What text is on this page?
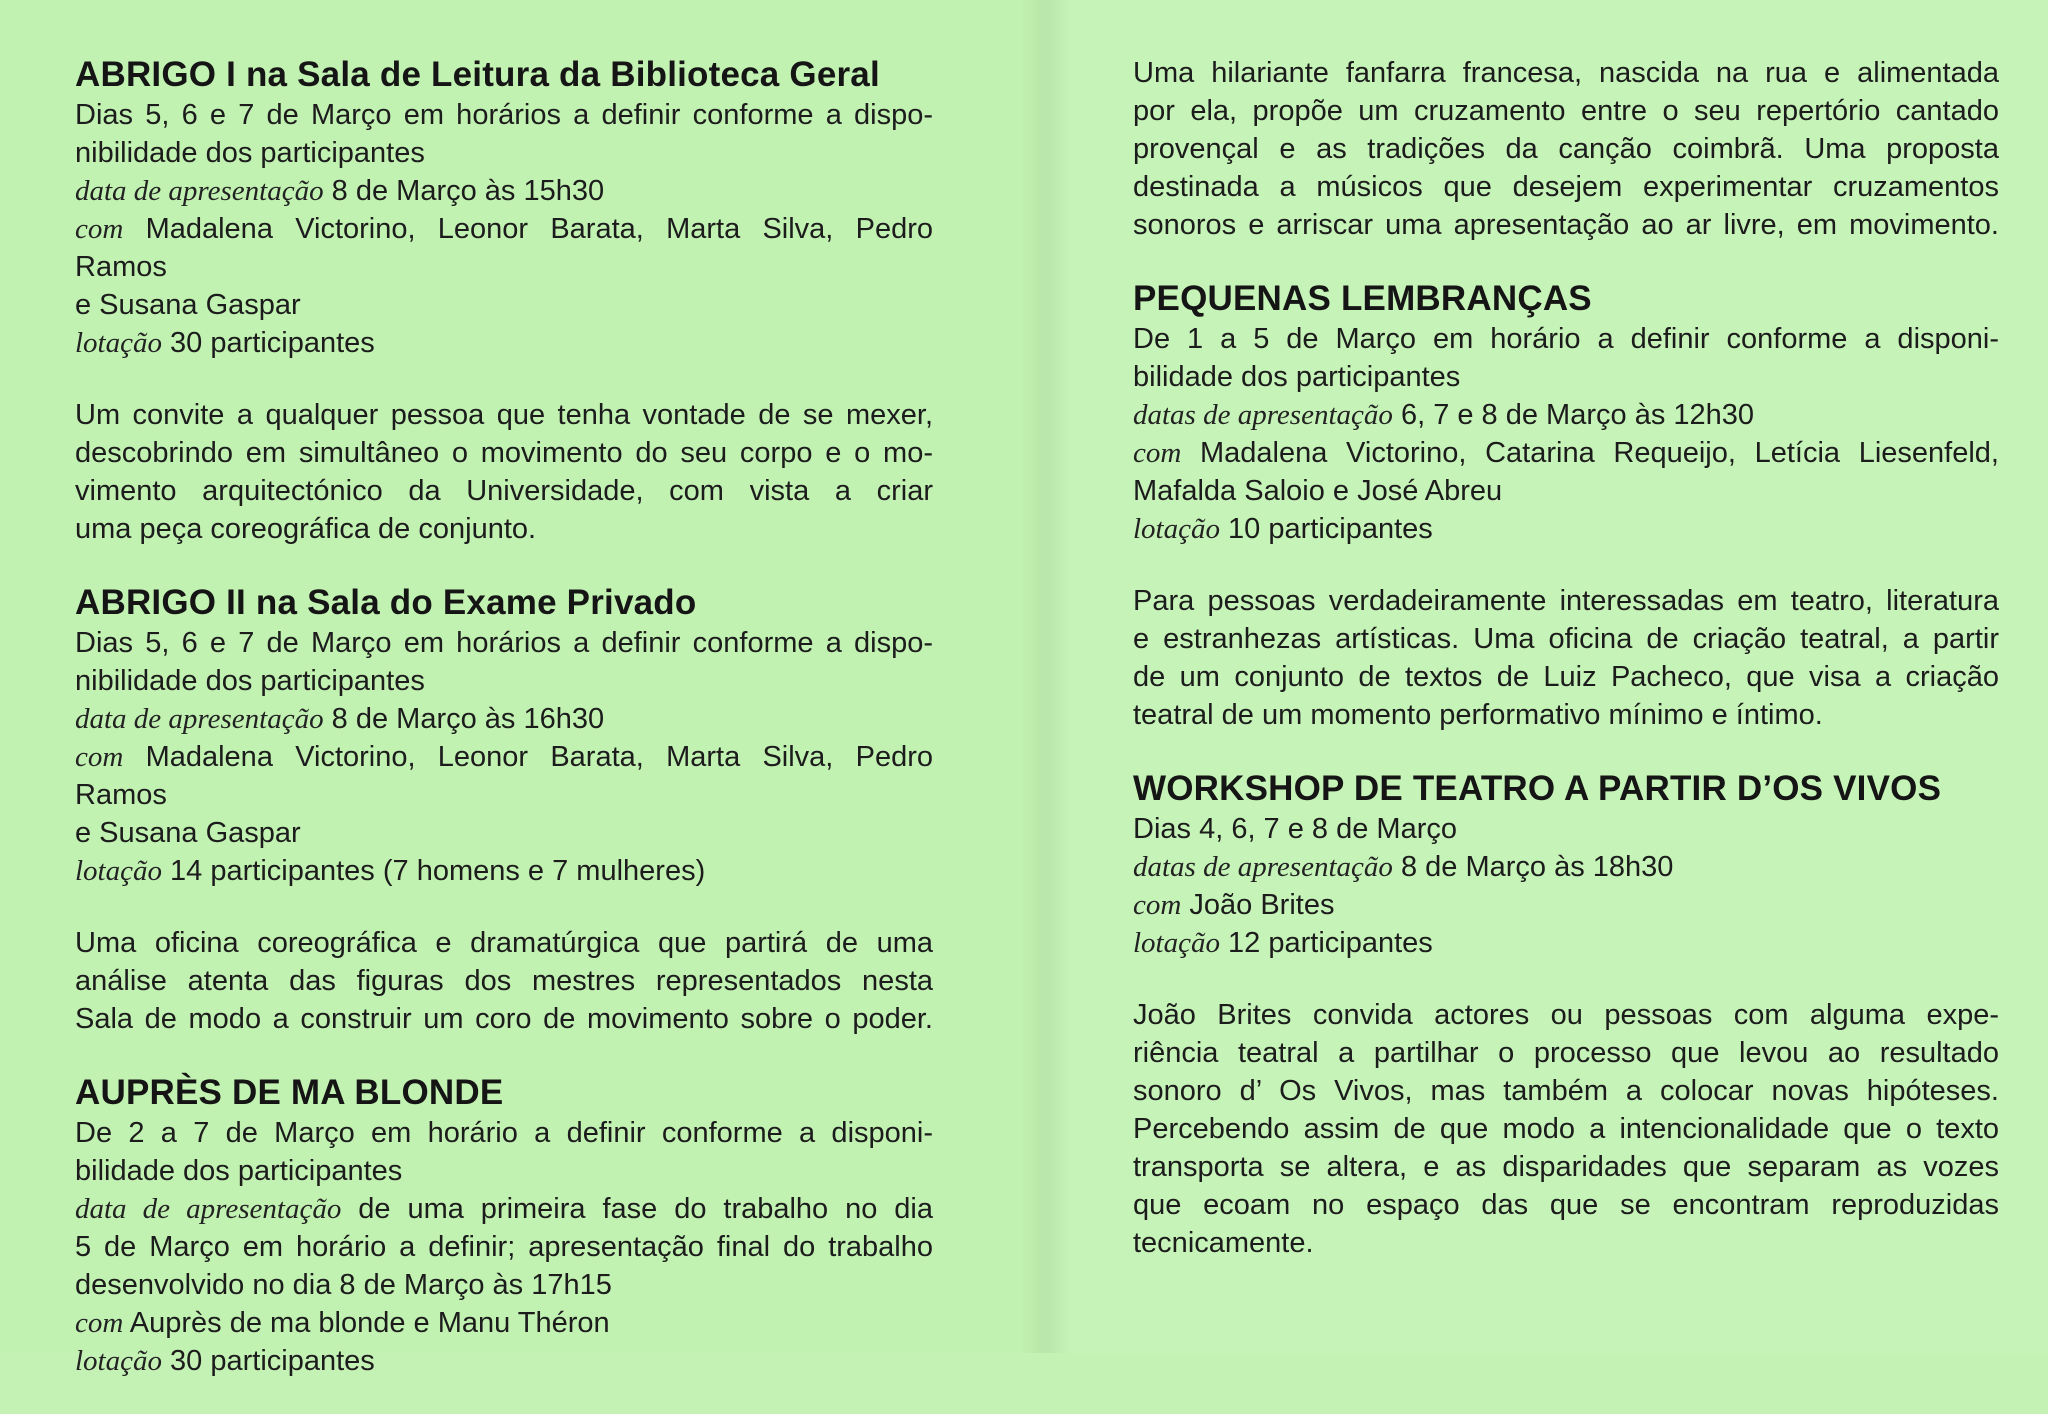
ABRIGO I na Sala de Leitura da Biblioteca Geral

Dias 5, 6 e 7 de Março em horários a definir conforme a dispo-

nibilidade dos participantes

data de apresentação 8 de Março às 15h30

com Madalena Victorino, Leonor Barata, Marta Silva, Pedro Ramos

e Susana Gaspar

lotação 30 participantes

Um convite a qualquer pessoa que tenha vontade de se mexer,

descobrindo em simultâneo o movimento do seu corpo e o mo-

vimento arquitectónico da Universidade, com vista a criar

uma peça coreográfica de conjunto.

ABRIGO II na Sala do Exame Privado

Dias 5, 6 e 7 de Março em horários a definir conforme a dispo-

nibilidade dos participantes

data de apresentação 8 de Março às 16h30

com Madalena Victorino, Leonor Barata, Marta Silva, Pedro Ramos

e Susana Gaspar

lotação 14 participantes (7 homens e 7 mulheres)

Uma oficina coreográfica e dramatúrgica que partirá de uma

análise atenta das figuras dos mestres representados nesta

Sala de modo a construir um coro de movimento sobre o poder.

AUPRÈS DE MA BLONDE

De 2 a 7 de Março em horário a definir conforme a disponi-

bilidade dos participantes

data de apresentação de uma primeira fase do trabalho no dia

5 de Março em horário a definir; apresentação final do trabalho

desenvolvido no dia 8 de Março às 17h15

com Auprès de ma blonde e Manu Théron

lotação 30 participantes

Uma hilariante fanfarra francesa, nascida na rua e alimentada

por ela, propõe um cruzamento entre o seu repertório cantado

provençal e as tradições da canção coimbrã. Uma proposta

destinada a músicos que desejem experimentar cruzamentos

sonoros e arriscar uma apresentação ao ar livre, em movimento.

PEQUENAS LEMBRANÇAS

De 1 a 5 de Março em horário a definir conforme a disponi-

bilidade dos participantes

datas de apresentação 6, 7 e 8 de Março às 12h30

com Madalena Victorino, Catarina Requeijo, Letícia Liesenfeld,

Mafalda Saloio e José Abreu

lotação 10 participantes

Para pessoas verdadeiramente interessadas em teatro, literatura

e estranhezas artísticas. Uma oficina de criação teatral, a partir

de um conjunto de textos de Luiz Pacheco, que visa a criação

teatral de um momento performativo mínimo e íntimo.

WORKSHOP DE TEATRO A PARTIR D’OS VIVOS

Dias 4, 6, 7 e 8 de Março

datas de apresentação 8 de Março às 18h30

com João Brites

lotação 12 participantes

João Brites convida actores ou pessoas com alguma expe-

riência teatral a partilhar o processo que levou ao resultado

sonoro d’ Os Vivos, mas também a colocar novas hipóteses.

Percebendo assim de que modo a intencionalidade que o texto

transporta se altera, e as disparidades que separam as vozes

que ecoam no espaço das que se encontram reproduzidas

tecnicamente.
